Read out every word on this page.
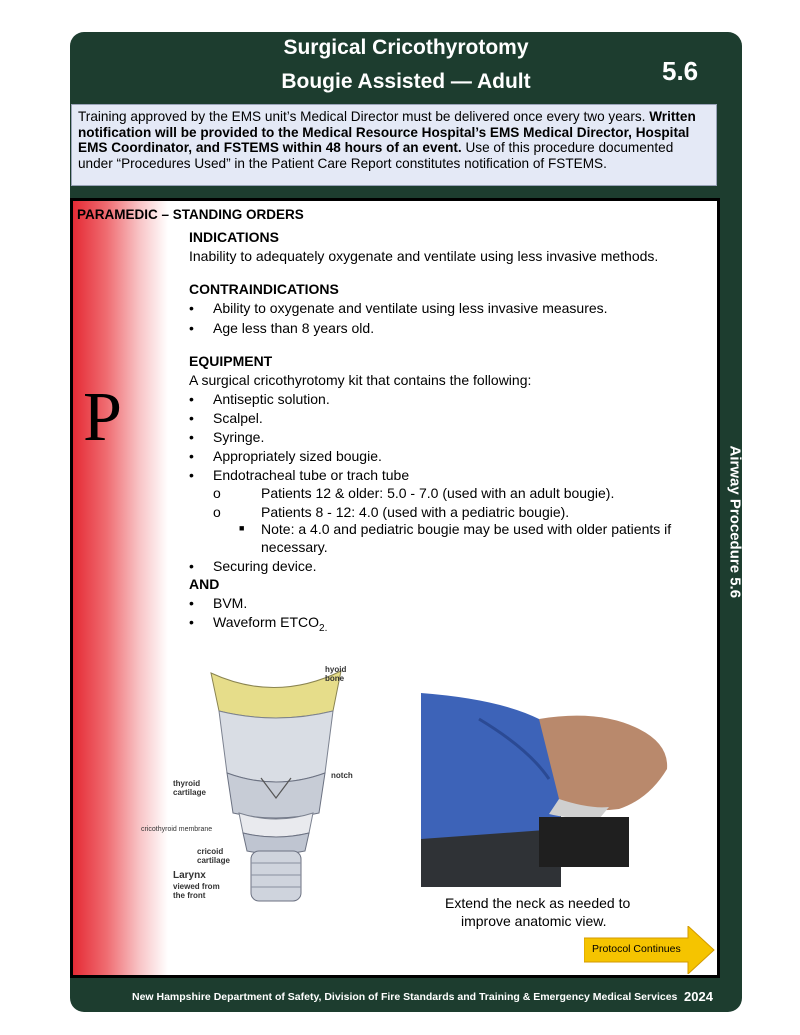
Surgical Cricothyrotomy
Bougie Assisted — Adult	5.6
Training approved by the EMS unit’s Medical Director must be delivered once every two years. Written notification will be provided to the Medical Resource Hospital’s EMS Medical Director, Hospital EMS Coordinator, and FSTEMS within 48 hours of an event. Use of this procedure documented under “Procedures Used” in the Patient Care Report constitutes notification of FSTEMS.
Airway Procedure 5.6
PARAMEDIC – STANDING ORDERS
P
INDICATIONS
Inability to adequately oxygenate and ventilate using less invasive methods.
CONTRAINDICATIONS
• Ability to oxygenate and ventilate using less invasive measures.
• Age less than 8 years old.
EQUIPMENT
A surgical cricothyrotomy kit that contains the following:
• Antiseptic solution.
• Scalpel.
• Syringe.
• Appropriately sized bougie.
• Endotracheal tube or trach tube
o	Patients 12 & older: 5.0 - 7.0 (used with an adult bougie).
o	Patients 8 - 12: 4.0 (used with a pediatric bougie).
■ Note: a 4.0 and pediatric bougie may be used with older patients if
necessary.
• Securing device.
AND
• BVM.
• Waveform $ETCO_{2.}$
hyoid
bone
notch
thyroid
cartilage
cricothyroid membrane
cricoid
cartilage
Larynx
viewed from
the front	Extend the neck as needed to
improve anatomic view.
Protocol Continues
New Hampshire Department of Safety, Division of Fire Standards and Training & Emergency Medical Services 2024
